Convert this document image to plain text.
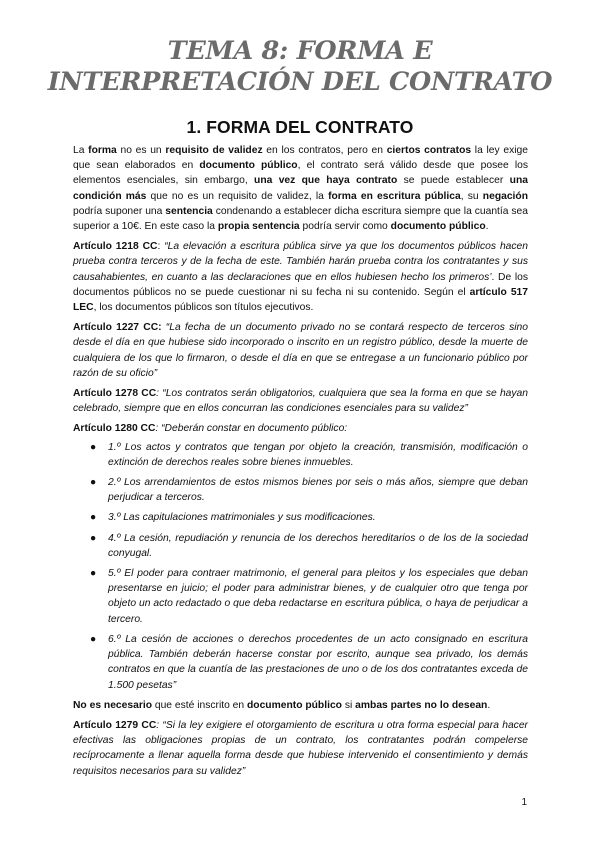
TEMA 8: FORMA E INTERPRETACIÓN DEL CONTRATO
1. FORMA DEL CONTRATO

La forma no es un requisito de validez en los contratos, pero en ciertos contratos la ley exige que sean elaborados en documento público, el contrato será válido desde que posee los elementos esenciales, sin embargo, una vez que haya contrato se puede establecer una condición más que no es un requisito de validez, la forma en escritura pública, su negación podría suponer una sentencia condenando a establecer dicha escritura siempre que la cuantía sea superior a 10€. En este caso la propia sentencia podría servir como documento público.

Artículo 1218 CC: “La elevación a escritura pública sirve ya que los documentos públicos hacen prueba contra terceros y de la fecha de este. También harán prueba contra los contratantes y sus causahabientes, en cuanto a las declaraciones que en ellos hubiesen hecho los primeros’. De los documentos públicos no se puede cuestionar ni su fecha ni su contenido. Según el artículo 517 LEC, los documentos públicos son títulos ejecutivos.

Artículo 1227 CC: “La fecha de un documento privado no se contará respecto de terceros sino desde el día en que hubiese sido incorporado o inscrito en un registro público, desde la muerte de cualquiera de los que lo firmaron, o desde el día en que se entregase a un funcionario público por razón de su oficio”

Artículo 1278 CC: “Los contratos serán obligatorios, cualquiera que sea la forma en que se hayan celebrado, siempre que en ellos concurran las condiciones esenciales para su validez”

Artículo 1280 CC: “Deberán constar en documento público:

● 1.º Los actos y contratos que tengan por objeto la creación, transmisión, modificación o extinción de derechos reales sobre bienes inmuebles.
● 2.º Los arrendamientos de estos mismos bienes por seis o más años, siempre que deban perjudicar a terceros.
● 3.º Las capitulaciones matrimoniales y sus modificaciones.
● 4.º La cesión, repudiación y renuncia de los derechos hereditarios o de los de la sociedad conyugal.
● 5.º El poder para contraer matrimonio, el general para pleitos y los especiales que deban presentarse en juicio; el poder para administrar bienes, y de cualquier otro que tenga por objeto un acto redactado o que deba redactarse en escritura pública, o haya de perjudicar a tercero.
● 6.º La cesión de acciones o derechos procedentes de un acto consignado en escritura pública. También deberán hacerse constar por escrito, aunque sea privado, los demás contratos en que la cuantía de las prestaciones de uno o de los dos contratantes exceda de 1.500 pesetas”

No es necesario que esté inscrito en documento público si ambas partes no lo desean.

Artículo 1279 CC: “Si la ley exigiere el otorgamiento de escritura u otra forma especial para hacer efectivas las obligaciones propias de un contrato, los contratantes podrán compelerse recíprocamente a llenar aquella forma desde que hubiese intervenido el consentimiento y demás requisitos necesarios para su validez”

1
